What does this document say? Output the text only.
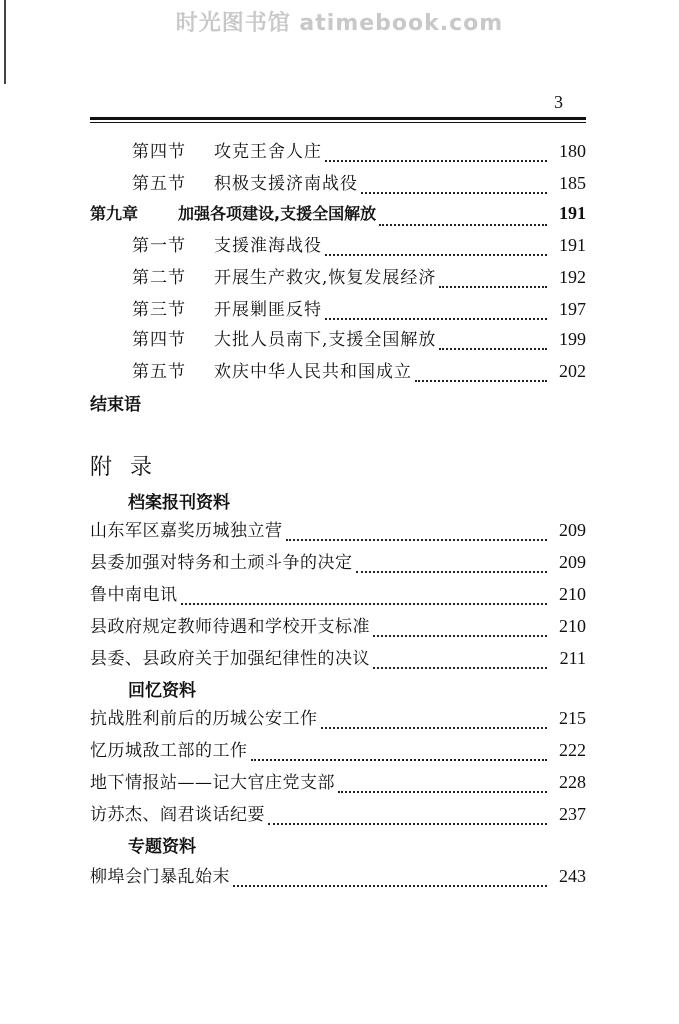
时光图书馆 atimebook.com
3
第四节	攻克王舍人庄	180
第五节	积极支援济南战役	185
第九章	加强各项建设,支援全国解放	191
第一节	支援淮海战役	191
第二节	开展生产救灾,恢复发展经济	192
第三节	开展剿匪反特	197
第四节	大批人员南下,支援全国解放	199
第五节	欢庆中华人民共和国成立	202
结束语
附录
档案报刊资料
山东军区嘉奖历城独立营	209
县委加强对特务和土顽斗争的决定	209
鲁中南电讯	210
县政府规定教师待遇和学校开支标准	210
县委、县政府关于加强纪律性的决议	211
回忆资料
抗战胜利前后的历城公安工作	215
忆历城敌工部的工作	222
地下情报站——记大官庄党支部	228
访苏杰、阎君谈话纪要	237
专题资料
柳埠会门暴乱始末	243
